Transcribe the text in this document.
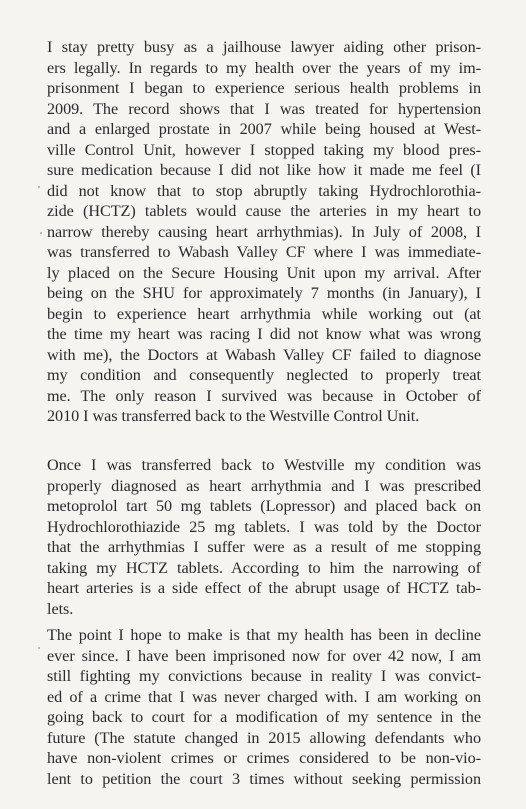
I stay pretty busy as a jailhouse lawyer aiding other prison-
ers legally. In regards to my health over the years of my im-
prisonment I began to experience serious health problems in
2009. The record shows that I was treated for hypertension
and a enlarged prostate in 2007 while being housed at West-
ville Control Unit, however I stopped taking my blood pres-
sure medication because I did not like how it made me feel (I
did not know that to stop abruptly taking Hydrochlorothia-
zide (HCTZ) tablets would cause the arteries in my heart to
narrow thereby causing heart arrhythmias). In July of 2008, I
was transferred to Wabash Valley CF where I was immediate-
ly placed on the Secure Housing Unit upon my arrival. After
being on the SHU for approximately 7 months (in January), I
begin to experience heart arrhythmia while working out (at
the time my heart was racing I did not know what was wrong
with me), the Doctors at Wabash Valley CF failed to diagnose
my condition and consequently neglected to properly treat
me. The only reason I survived was because in October of
2010 I was transferred back to the Westville Control Unit.
Once I was transferred back to Westville my condition was
properly diagnosed as heart arrhythmia and I was prescribed
metoprolol tart 50 mg tablets (Lopressor) and placed back on
Hydrochlorothiazide 25 mg tablets. I was told by the Doctor
that the arrhythmias I suffer were as a result of me stopping
taking my HCTZ tablets. According to him the narrowing of
heart arteries is a side effect of the abrupt usage of HCTZ tab-
lets.
The point I hope to make is that my health has been in decline
ever since. I have been imprisoned now for over 42 now, I am
still fighting my convictions because in reality I was convict-
ed of a crime that I was never charged with. I am working on
going back to court for a modification of my sentence in the
future (The statute changed in 2015 allowing defendants who
have non-violent crimes or crimes considered to be non-vio-
lent to petition the court 3 times without seeking permission
